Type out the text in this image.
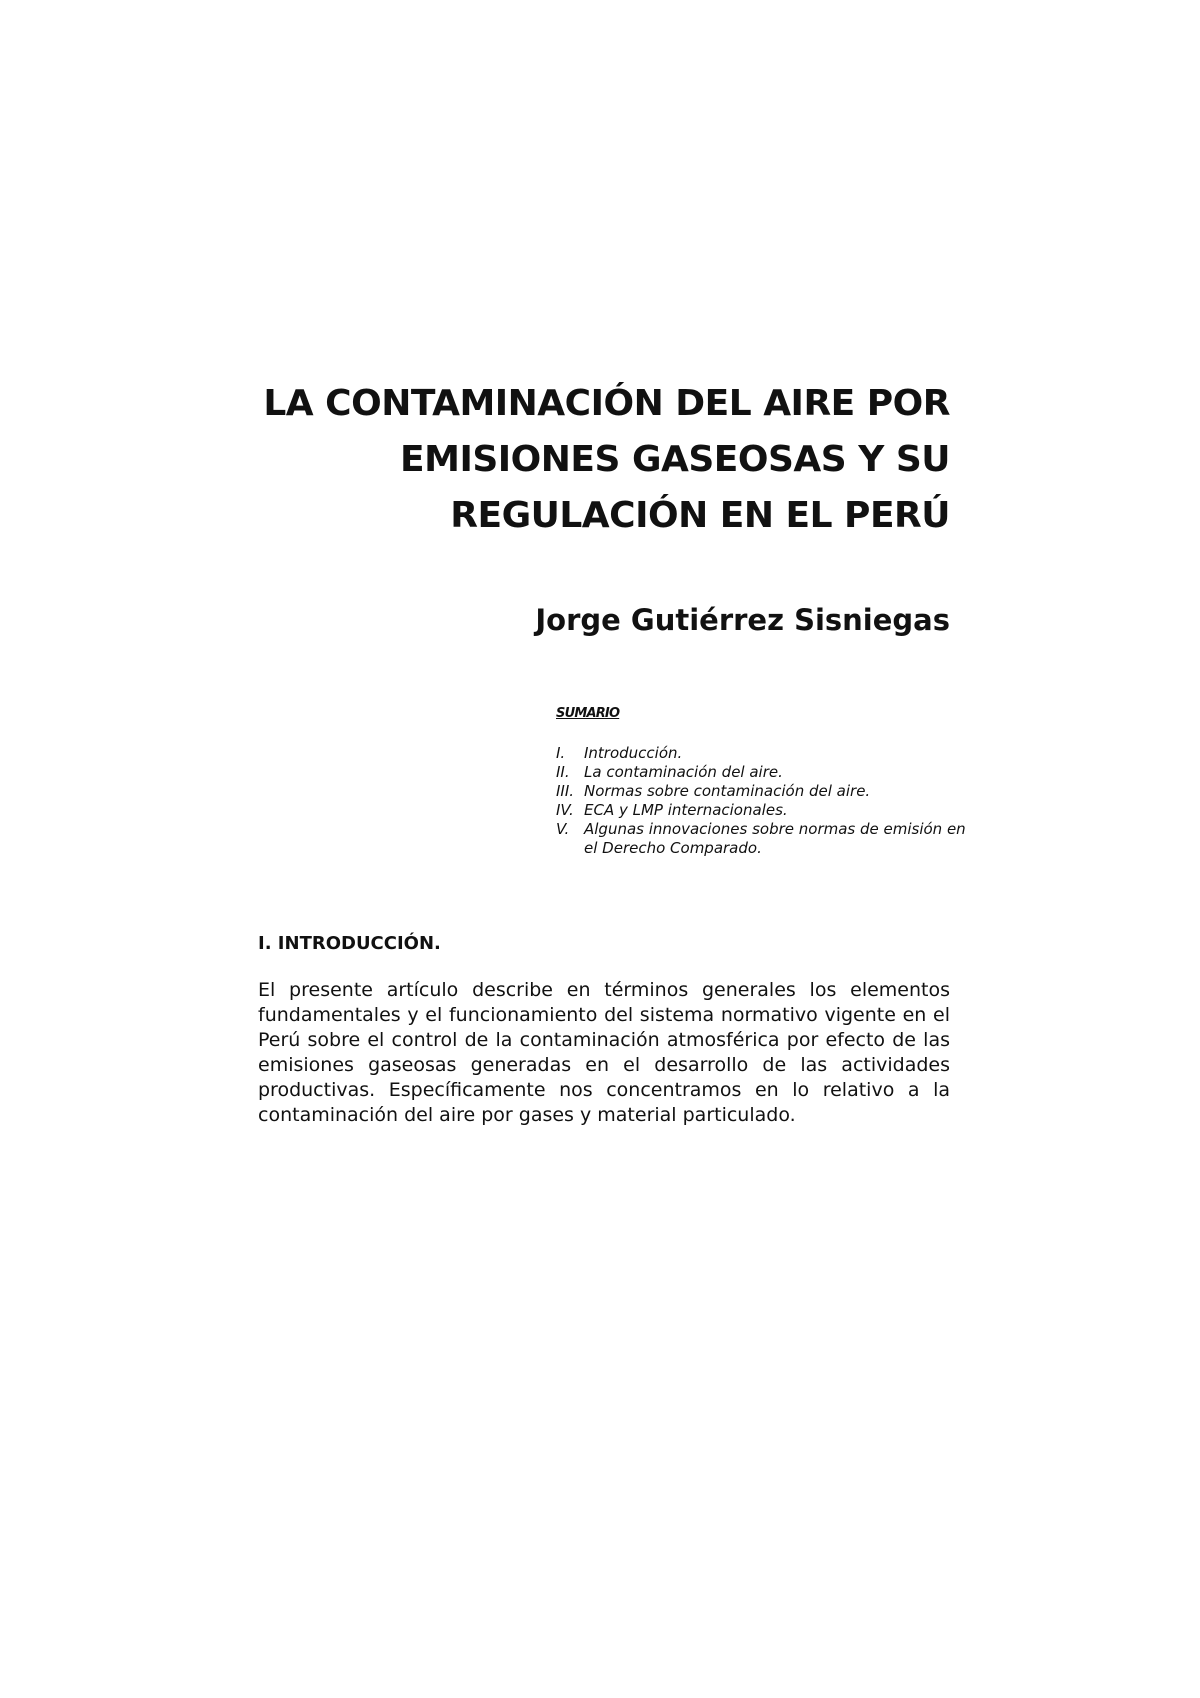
LA CONTAMINACIÓN DEL AIRE POR
EMISIONES GASEOSAS Y SU
REGULACIÓN EN EL PERÚ
Jorge Gutiérrez Sisniegas
SUMARIO
I.	Introducción.
II. La contaminación del aire.
III. Normas sobre contaminación del aire.
IV. ECA y LMP internacionales.
V. Algunas innovaciones sobre normas de emisión en el Derecho Comparado.
I. INTRODUCCIÓN.

El presente artículo describe en términos generales los elementos fundamentales y el funcionamiento del sistema normativo vigente en el Perú sobre el control de la contaminación atmosférica por efecto de las emisiones gaseosas generadas en el desarrollo de las actividades productivas. Específicamente nos concentramos en lo relativo a la contaminación del aire por gases y material particulado.
